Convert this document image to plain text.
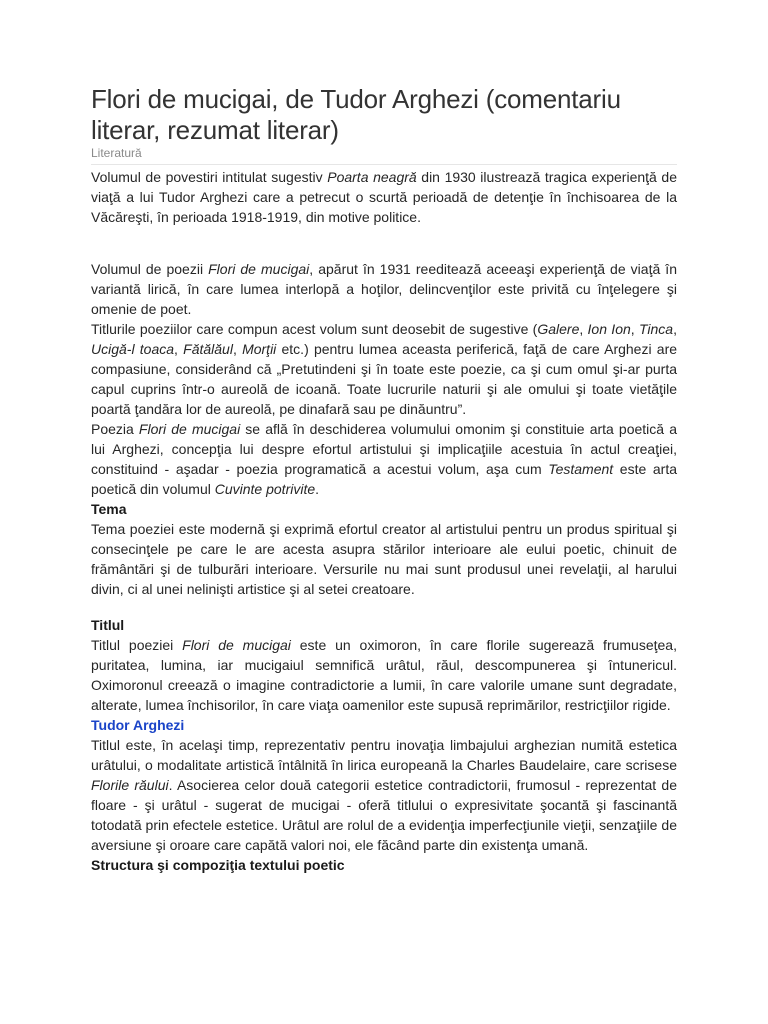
Flori de mucigai, de Tudor Arghezi (comentariu literar, rezumat literar)
Literatură

Volumul de povestiri intitulat sugestiv Poarta neagră din 1930 ilustrează tragica experienţă de viaţă a lui Tudor Arghezi care a petrecut o scurtă perioadă de detenţie în închisoarea de la Văcăreşti, în perioada 1918-1919, din motive politice.

Volumul de poezii Flori de mucigai, apărut în 1931 reeditează aceeaşi experienţă de viaţă în variantă lirică, în care lumea interlopă a hoţilor, delincvenţilor este privită cu înţelegere şi omenie de poet.

Titlurile poeziilor care compun acest volum sunt deosebit de sugestive (Galere, Ion Ion, Tinca, Ucigă-l toaca, Fătălăul, Morţii etc.) pentru lumea aceasta periferică, faţă de care Arghezi are compasiune, considerând că „Pretutindeni şi în toate este poezie, ca şi cum omul şi-ar purta capul cuprins într-o aureolă de icoană. Toate lucrurile naturii şi ale omului şi toate vietăţile poartă ţandăra lor de aureolă, pe dinafară sau pe dinăuntru”.

Poezia Flori de mucigai se află în deschiderea volumului omonim şi constituie arta poetică a lui Arghezi, concepţia lui despre efortul artistului şi implicaţiile acestuia în actul creaţiei, constituind - aşadar - poezia programatică a acestui volum, aşa cum Testament este arta poetică din volumul Cuvinte potrivite.

Tema

Tema poeziei este modernă şi exprimă efortul creator al artistului pentru un produs spiritual şi consecinţele pe care le are acesta asupra stărilor interioare ale eului poetic, chinuit de frământări şi de tulburări interioare. Versurile nu mai sunt produsul unei revelaţii, al harului divin, ci al unei nelinişti artistice şi al setei creatoare.

Titlul

Titlul poeziei Flori de mucigai este un oximoron, în care florile sugerează frumuseţea, puritatea, lumina, iar mucigaiul semnifică urâtul, răul, descompunerea şi întunericul. Oximoronul creează o imagine contradictorie a lumii, în care valorile umane sunt degradate, alterate, lumea închisorilor, în care viaţa oamenilor este supusă reprimărilor, restricţiilor rigide.

Tudor Arghezi

Titlul este, în acelaşi timp, reprezentativ pentru inovaţia limbajului arghezian numită estetica urâtului, o modalitate artistică întâlnită în lirica europeană la Charles Baudelaire, care scrisese Florile răului. Asocierea celor două categorii estetice contradictorii, frumosul - reprezentat de floare - şi urâtul - sugerat de mucigai - oferă titlului o expresivitate şocantă şi fascinantă totodată prin efectele estetice. Urâtul are rolul de a evidenţia imperfecţiunile vieţii, senzaţiile de aversiune şi oroare care capătă valori noi, ele făcând parte din existenţa umană.

Structura şi compoziţia textului poetic
